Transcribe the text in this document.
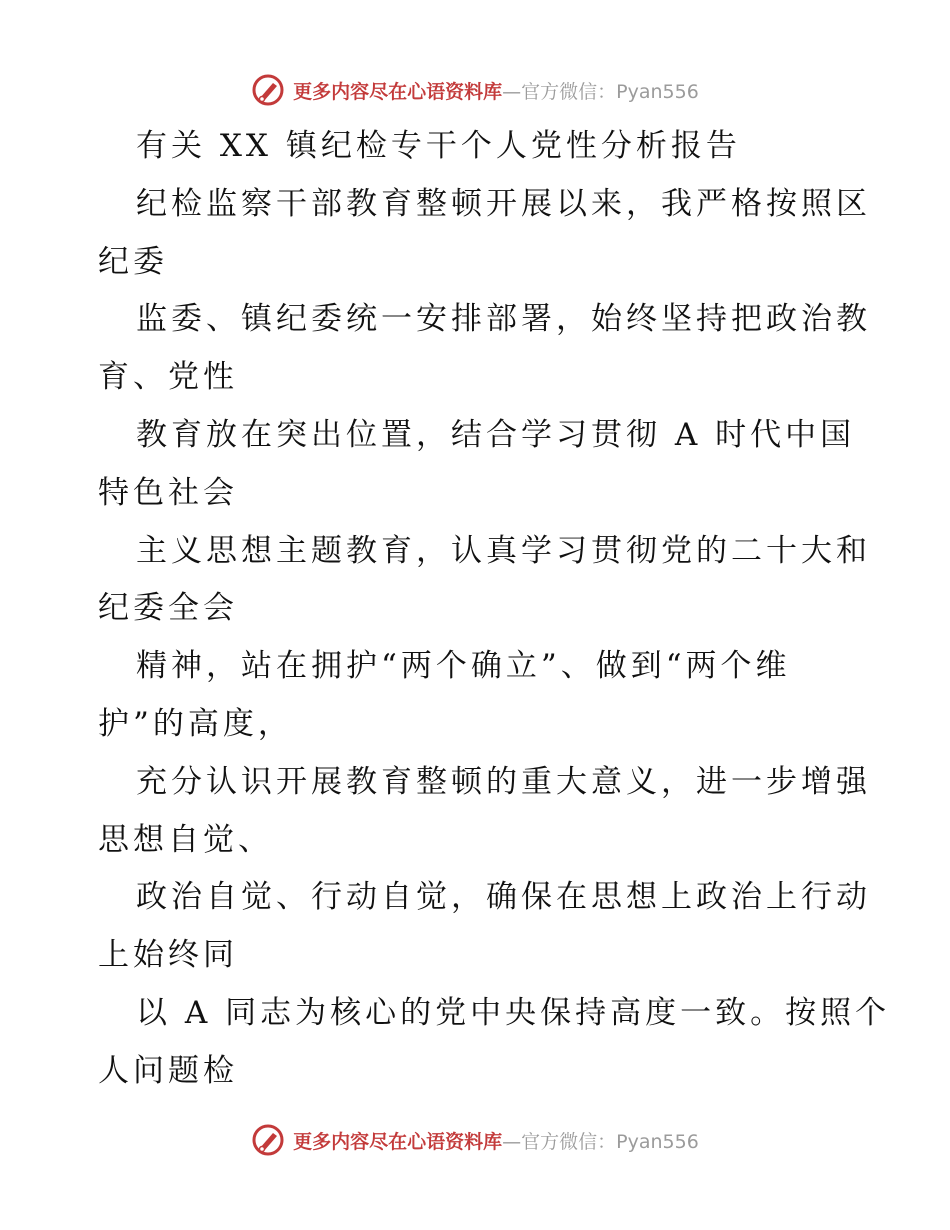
更多内容尽在心语资料库—官方微信：Pyan556
有关 XX 镇纪检专干个人党性分析报告
纪检监察干部教育整顿开展以来，我严格按照区
纪委
监委、镇纪委统一安排部署，始终坚持把政治教
育、党性
教育放在突出位置，结合学习贯彻 A 时代中国
特色社会
主义思想主题教育，认真学习贯彻党的二十大和
纪委全会
精神，站在拥护“两个确立”、做到“两个维
护”的高度，
充分认识开展教育整顿的重大意义，进一步增强
思想自觉、
政治自觉、行动自觉，确保在思想上政治上行动
上始终同
以 A 同志为核心的党中央保持高度一致。按照个
人问题检
更多内容尽在心语资料库—官方微信：Pyan556
